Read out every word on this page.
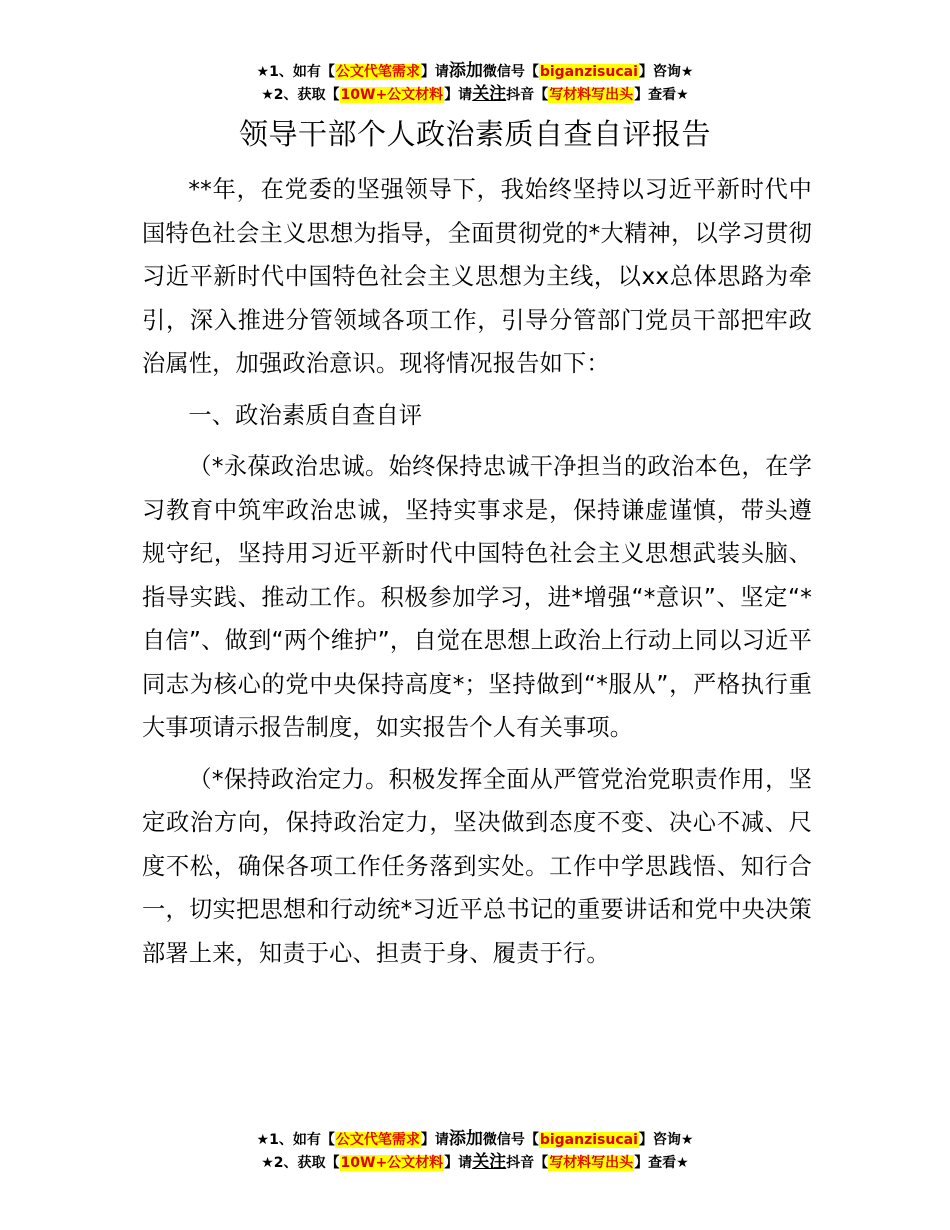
★1、如有【公文代笔需求】请添加微信号【biganzisucai】咨询★
★2、获取【10W+公文材料】请关注抖音【写材料写出头】查看★
领导干部个人政治素质自查自评报告

**年，在党委的坚强领导下，我始终坚持以习近平新时代中国特色社会主义思想为指导，全面贯彻党的*大精神，以学习贯彻习近平新时代中国特色社会主义思想为主线，以xx总体思路为牵引，深入推进分管领域各项工作，引导分管部门党员干部把牢政治属性，加强政治意识。现将情况报告如下：

一、政治素质自查自评

（*永葆政治忠诚。始终保持忠诚干净担当的政治本色，在学习教育中筑牢政治忠诚，坚持实事求是，保持谦虚谨慎，带头遵规守纪，坚持用习近平新时代中国特色社会主义思想武装头脑、指导实践、推动工作。积极参加学习，进*增强“*意识”、坚定“*自信”、做到“两个维护”，自觉在思想上政治上行动上同以习近平同志为核心的党中央保持高度*；坚持做到“*服从”，严格执行重大事项请示报告制度，如实报告个人有关事项。

（*保持政治定力。积极发挥全面从严管党治党职责作用，坚定政治方向，保持政治定力，坚决做到态度不变、决心不减、尺度不松，确保各项工作任务落到实处。工作中学思践悟、知行合一，切实把思想和行动统*习近平总书记的重要讲话和党中央决策部署上来，知责于心、担责于身、履责于行。

★1、如有【公文代笔需求】请添加微信号【biganzisucai】咨询★
★2、获取【10W+公文材料】请关注抖音【写材料写出头】查看★
